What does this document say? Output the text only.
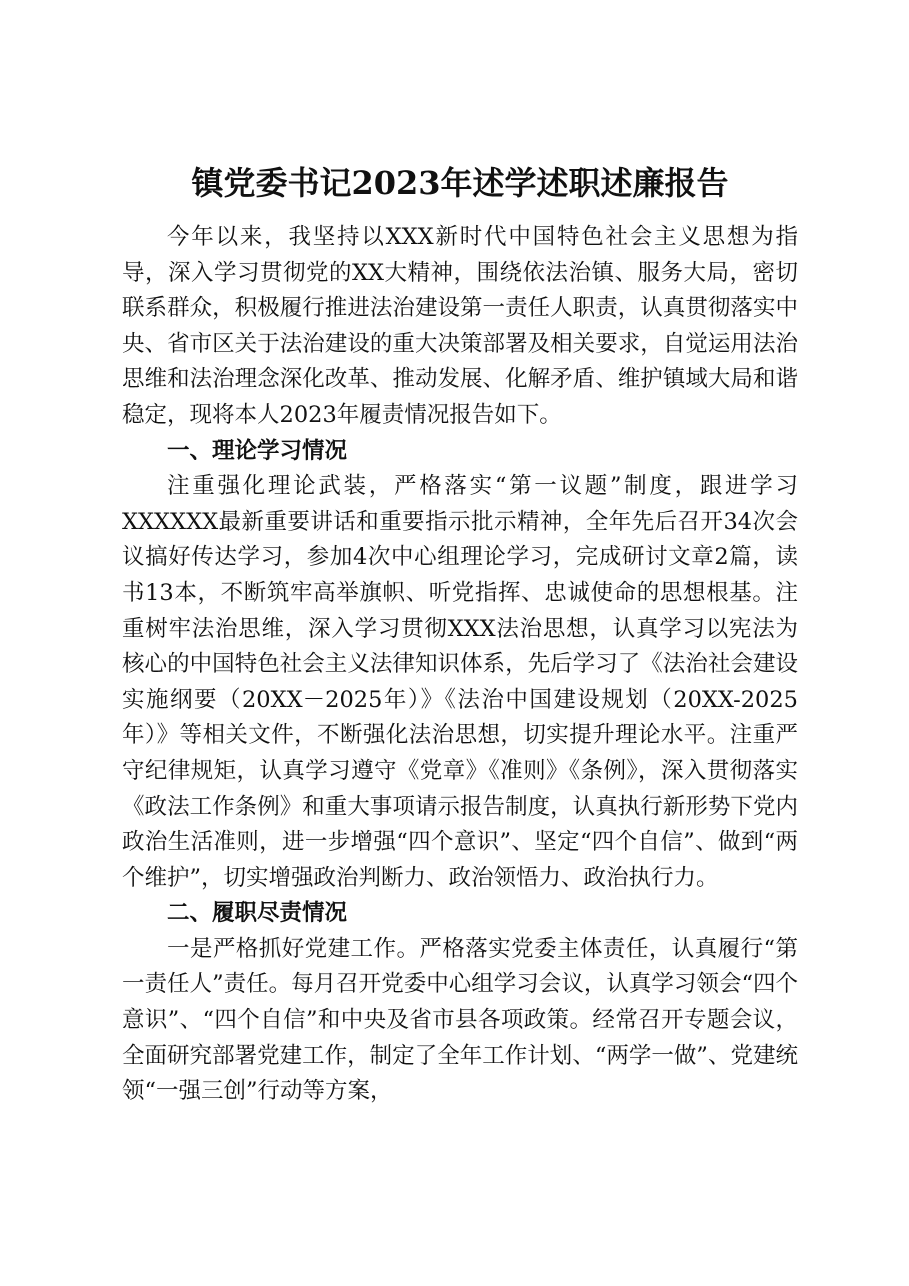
镇党委书记2023年述学述职述廉报告

今年以来，我坚持以XXX新时代中国特色社会主义思想为指导，深入学习贯彻党的XX大精神，围绕依法治镇、服务大局，密切联系群众，积极履行推进法治建设第一责任人职责，认真贯彻落实中央、省市区关于法治建设的重大决策部署及相关要求，自觉运用法治思维和法治理念深化改革、推动发展、化解矛盾、维护镇域大局和谐稳定，现将本人2023年履责情况报告如下。

一、理论学习情况

注重强化理论武装，严格落实“第一议题”制度，跟进学习XXXXXX最新重要讲话和重要指示批示精神，全年先后召开34次会议搞好传达学习，参加4次中心组理论学习，完成研讨文章2篇，读书13本，不断筑牢高举旗帜、听党指挥、忠诚使命的思想根基。注重树牢法治思维，深入学习贯彻XXX法治思想，认真学习以宪法为核心的中国特色社会主义法律知识体系，先后学习了《法治社会建设实施纲要（20XX－2025年）》《法治中国建设规划（20XX-2025年）》等相关文件，不断强化法治思想，切实提升理论水平。注重严守纪律规矩，认真学习遵守《党章》《准则》《条例》，深入贯彻落实《政法工作条例》和重大事项请示报告制度，认真执行新形势下党内政治生活准则，进一步增强“四个意识”、坚定“四个自信”、做到“两个维护”，切实增强政治判断力、政治领悟力、政治执行力。

二、履职尽责情况

一是严格抓好党建工作。严格落实党委主体责任，认真履行“第一责任人”责任。每月召开党委中心组学习会议，认真学习领会“四个意识”、“四个自信”和中央及省市县各项政策。经常召开专题会议，全面研究部署党建工作，制定了全年工作计划、“两学一做”、党建统领“一强三创”行动等方案，
